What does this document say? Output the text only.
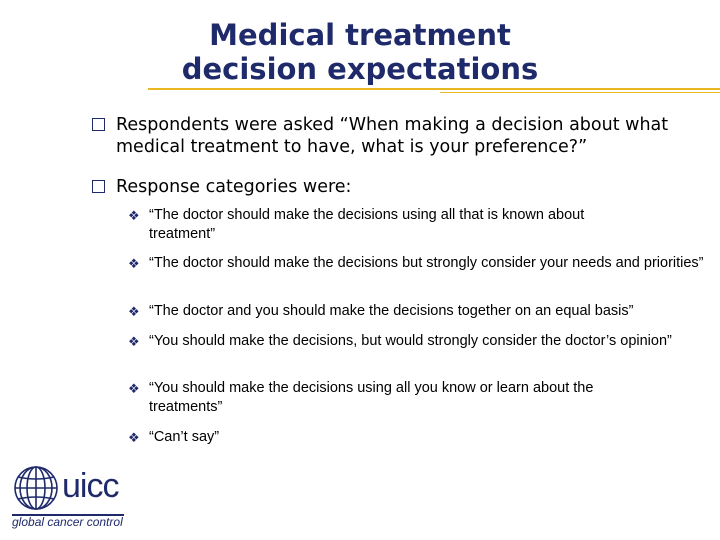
Medical treatment
decision expectations
Respondents were asked “When making a decision about what medical treatment to have, what is your preference?”
Response categories were:
❖ “The doctor should make the decisions using all that is known about treatment”
❖ “The doctor should make the decisions but strongly consider your needs and priorities”
❖ “The doctor and you should make the decisions together on an equal basis”
❖ “You should make the decisions, but would strongly consider the doctor’s opinion”
❖ “You should make the decisions using all you know or learn about the treatments”
❖ “Can’t say”
uicc
global cancer control
